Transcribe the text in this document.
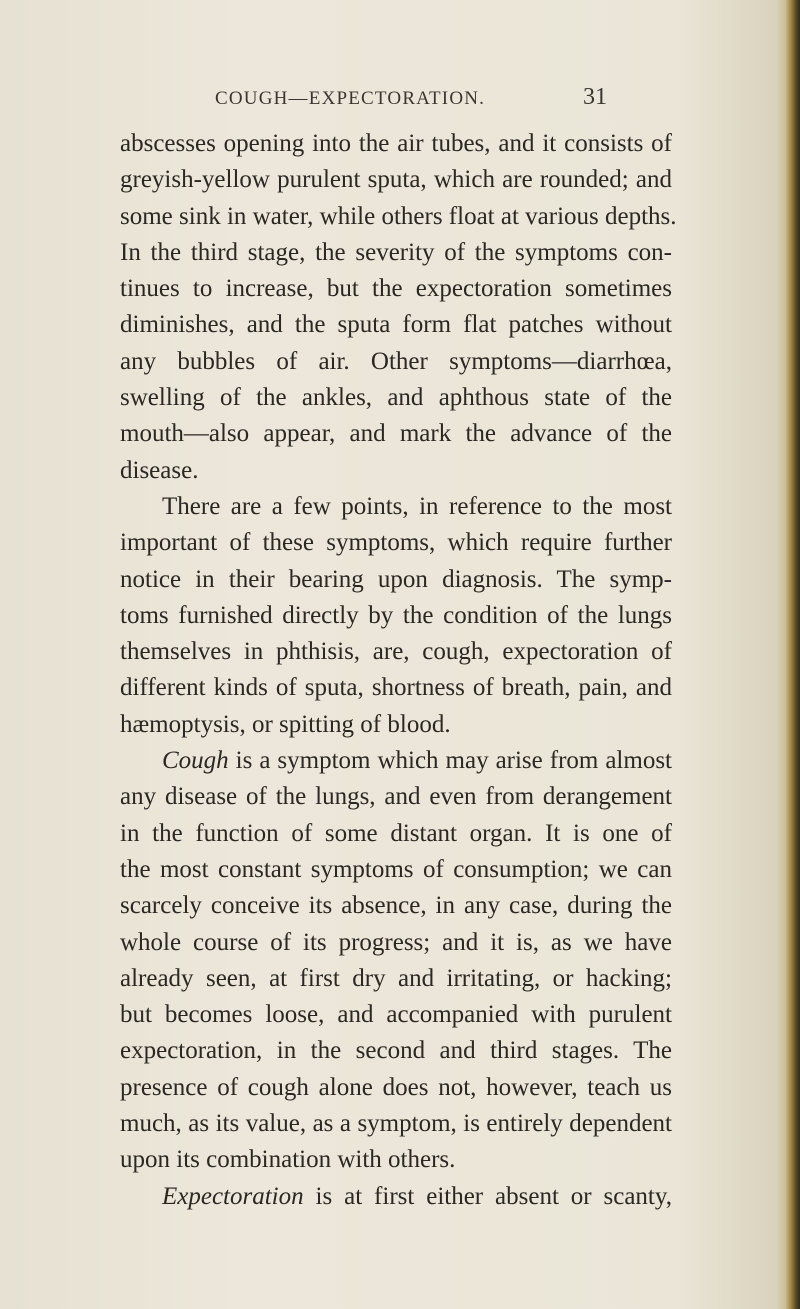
COUGH—EXPECTORATION.	31
abscesses opening into the air tubes, and it consists of
greyish-yellow purulent sputa, which are rounded; and
some sink in water, while others float at various depths.
In the third stage, the severity of the symptoms con-
tinues to increase, but the expectoration sometimes
diminishes, and the sputa form flat patches without
any bubbles of air. Other symptoms—diarrhœa,
swelling of the ankles, and aphthous state of the
mouth—also appear, and mark the advance of the
disease.
There are a few points, in reference to the most
important of these symptoms, which require further
notice in their bearing upon diagnosis. The symp-
toms furnished directly by the condition of the lungs
themselves in phthisis, are, cough, expectoration of
different kinds of sputa, shortness of breath, pain, and
hæmoptysis, or spitting of blood.
Cough is a symptom which may arise from almost
any disease of the lungs, and even from derangement
in the function of some distant organ. It is one of
the most constant symptoms of consumption; we can
scarcely conceive its absence, in any case, during the
whole course of its progress; and it is, as we have
already seen, at first dry and irritating, or hacking;
but becomes loose, and accompanied with purulent
expectoration, in the second and third stages. The
presence of cough alone does not, however, teach us
much, as its value, as a symptom, is entirely dependent
upon its combination with others.
Expectoration is at first either absent or scanty,
